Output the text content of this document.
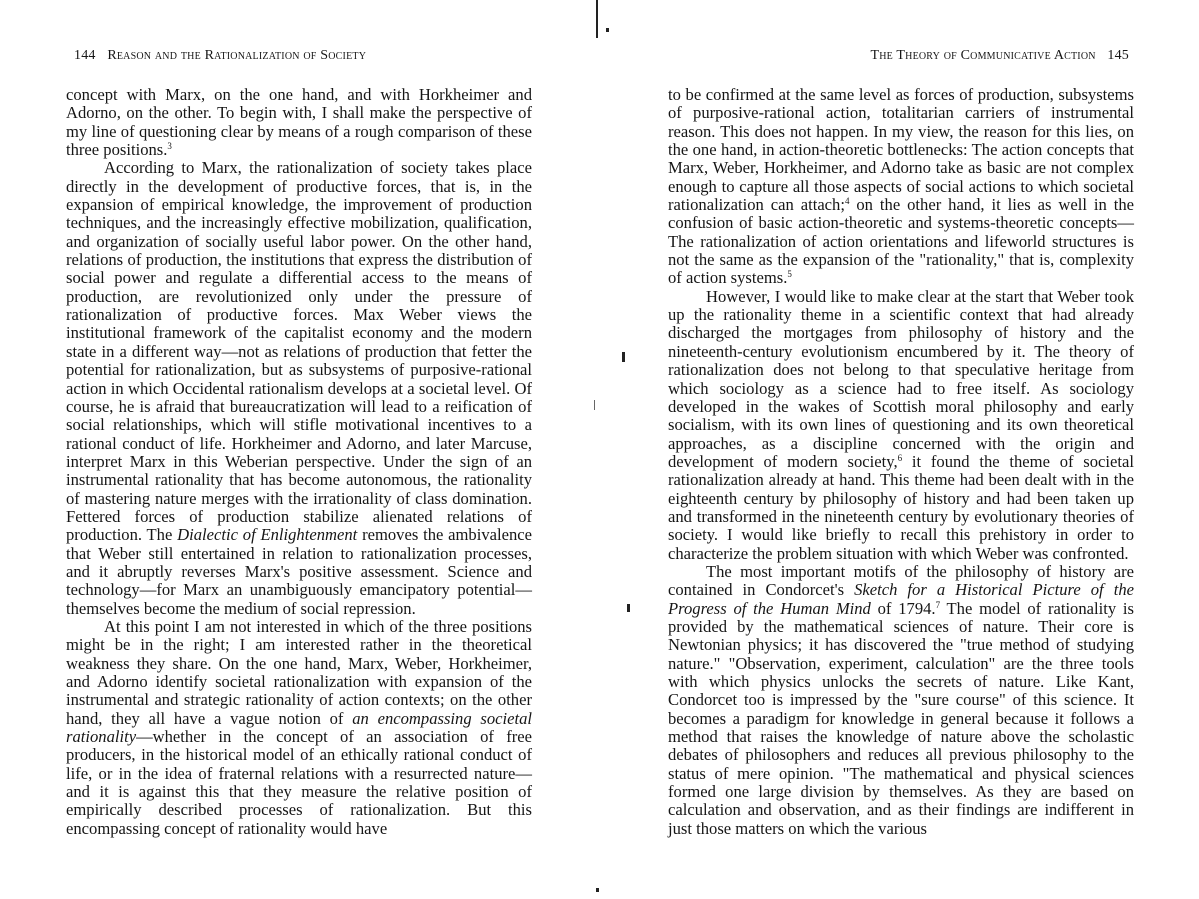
144 Reason and the Rationalization of Society

concept with Marx, on the one hand, and with Horkheimer and Adorno, on the other. To begin with, I shall make the perspective of my line of questioning clear by means of a rough comparison of these three positions.$^3$

According to Marx, the rationalization of society takes place directly in the development of productive forces, that is, in the expansion of empirical knowledge, the improvement of production techniques, and the increasingly effective mobilization, qualification, and organization of socially useful labor power. On the other hand, relations of production, the institutions that express the distribution of social power and regulate a differential access to the means of production, are revolutionized only under the pressure of rationalization of productive forces. Max Weber views the institutional framework of the capitalist economy and the modern state in a different way—not as relations of production that fetter the potential for rationalization, but as subsystems of purposive-rational action in which Occidental rationalism develops at a societal level. Of course, he is afraid that bureaucratization will lead to a reification of social relationships, which will stifle motivational incentives to a rational conduct of life. Horkheimer and Adorno, and later Marcuse, interpret Marx in this Weberian perspective. Under the sign of an instrumental rationality that has become autonomous, the rationality of mastering nature merges with the irrationality of class domination. Fettered forces of production stabilize alienated relations of production. The Dialectic of Enlightenment removes the ambivalence that Weber still entertained in relation to rationalization processes, and it abruptly reverses Marx's positive assessment. Science and technology—for Marx an unambiguously emancipatory potential—themselves become the medium of social repression.

At this point I am not interested in which of the three positions might be in the right; I am interested rather in the theoretical weakness they share. On the one hand, Marx, Weber, Horkheimer, and Adorno identify societal rationalization with expansion of the instrumental and strategic rationality of action contexts; on the other hand, they all have a vague notion of an encompassing societal rationality—whether in the concept of an association of free producers, in the historical model of an ethically rational conduct of life, or in the idea of fraternal relations with a resurrected nature—and it is against this that they measure the relative position of empirically described processes of rationalization. But this encompassing concept of rationality would have

The Theory of Communicative Action 145

to be confirmed at the same level as forces of production, subsystems of purposive-rational action, totalitarian carriers of instrumental reason. This does not happen. In my view, the reason for this lies, on the one hand, in action-theoretic bottlenecks: The action concepts that Marx, Weber, Horkheimer, and Adorno take as basic are not complex enough to capture all those aspects of social actions to which societal rationalization can attach;$^4$ on the other hand, it lies as well in the confusion of basic action-theoretic and systems-theoretic concepts—The rationalization of action orientations and lifeworld structures is not the same as the expansion of the "rationality," that is, complexity of action systems.$^5$

However, I would like to make clear at the start that Weber took up the rationality theme in a scientific context that had already discharged the mortgages from philosophy of history and the nineteenth-century evolutionism encumbered by it. The theory of rationalization does not belong to that speculative heritage from which sociology as a science had to free itself. As sociology developed in the wakes of Scottish moral philosophy and early socialism, with its own lines of questioning and its own theoretical approaches, as a discipline concerned with the origin and development of modern society,$^6$ it found the theme of societal rationalization already at hand. This theme had been dealt with in the eighteenth century by philosophy of history and had been taken up and transformed in the nineteenth century by evolutionary theories of society. I would like briefly to recall this prehistory in order to characterize the problem situation with which Weber was confronted.

The most important motifs of the philosophy of history are contained in Condorcet's Sketch for a Historical Picture of the Progress of the Human Mind of 1794.$^7$ The model of rationality is provided by the mathematical sciences of nature. Their core is Newtonian physics; it has discovered the "true method of studying nature." "Observation, experiment, calculation" are the three tools with which physics unlocks the secrets of nature. Like Kant, Condorcet too is impressed by the "sure course" of this science. It becomes a paradigm for knowledge in general because it follows a method that raises the knowledge of nature above the scholastic debates of philosophers and reduces all previous philosophy to the status of mere opinion. "The mathematical and physical sciences formed one large division by themselves. As they are based on calculation and observation, and as their findings are indifferent in just those matters on which the various
